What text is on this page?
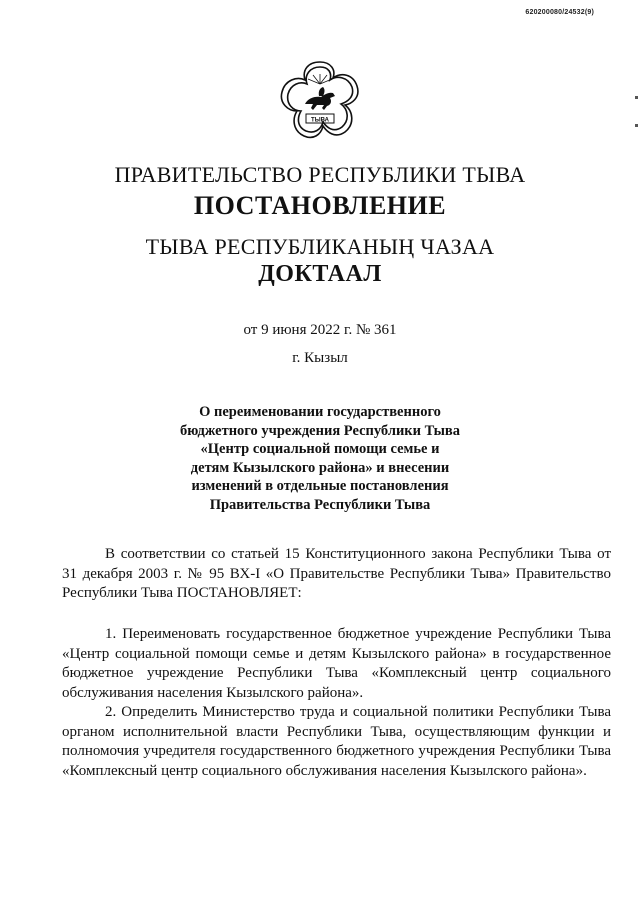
620200080/24532(9)
ТЫВА
ПРАВИТЕЛЬСТВО РЕСПУБЛИКИ ТЫВА
ПОСТАНОВЛЕНИЕ
ТЫВА РЕСПУБЛИКАНЫҢ ЧАЗАА
ДОКТААЛ
от 9 июня 2022 г. № 361
г. Кызыл
О переименовании государственного
бюджетного учреждения Республики Тыва
«Центр социальной помощи семье и
детям Кызылского района» и внесении
изменений в отдельные постановления
Правительства Республики Тыва
В соответствии со статьей 15 Конституционного закона Республики Тыва от 31 декабря 2003 г. № 95 ВХ-I «О Правительстве Республики Тыва» Правительство Республики Тыва ПОСТАНОВЛЯЕТ:
1. Переименовать государственное бюджетное учреждение Республики Тыва «Центр социальной помощи семье и детям Кызылского района» в государственное бюджетное учреждение Республики Тыва «Комплексный центр социального обслуживания населения Кызылского района».
2. Определить Министерство труда и социальной политики Республики Тыва органом исполнительной власти Республики Тыва, осуществляющим функции и полномочия учредителя государственного бюджетного учреждения Республики Тыва «Комплексный центр социального обслуживания населения Кызылского района».
